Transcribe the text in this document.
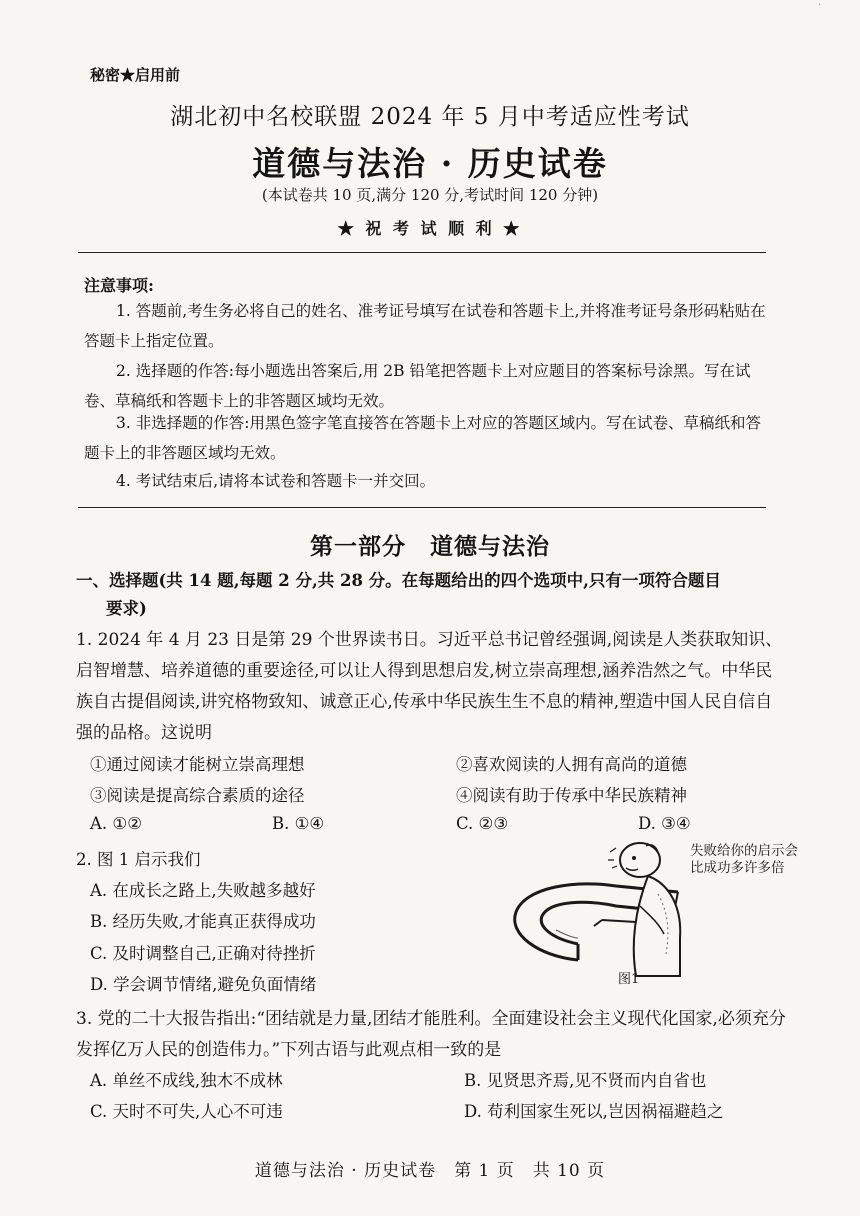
·
秘密★启用前
湖北初中名校联盟 2024 年 5 月中考适应性考试
道德与法治 · 历史试卷
(本试卷共 10 页,满分 120 分,考试时间 120 分钟)
★ 祝 考 试 顺 利 ★
注意事项:
1. 答题前,考生务必将自己的姓名、准考证号填写在试卷和答题卡上,并将准考证号条形码粘贴在答题卡上指定位置。
2. 选择题的作答:每小题选出答案后,用 2B 铅笔把答题卡上对应题目的答案标号涂黑。写在试卷、草稿纸和答题卡上的非答题区域均无效。
3. 非选择题的作答:用黑色签字笔直接答在答题卡上对应的答题区域内。写在试卷、草稿纸和答题卡上的非答题区域均无效。
4. 考试结束后,请将本试卷和答题卡一并交回。
第一部分　道德与法治
一、选择题(共 14 题,每题 2 分,共 28 分。在每题给出的四个选项中,只有一项符合题目
要求)
1. 2024 年 4 月 23 日是第 29 个世界读书日。习近平总书记曾经强调,阅读是人类获取知识、启智增慧、培养道德的重要途径,可以让人得到思想启发,树立崇高理想,涵养浩然之气。中华民族自古提倡阅读,讲究格物致知、诚意正心,传承中华民族生生不息的精神,塑造中国人民自信自强的品格。这说明
①通过阅读才能树立崇高理想	②喜欢阅读的人拥有高尚的道德
③阅读是提高综合素质的途径	④阅读有助于传承中华民族精神
A. ①②	B. ①④	C. ②③	D. ③④
2. 图 1 启示我们
A. 在成长之路上,失败越多越好
B. 经历失败,才能真正获得成功
C. 及时调整自己,正确对待挫折
D. 学会调节情绪,避免负面情绪
失败给你的启示会比成功多许多倍
图1
3. 党的二十大报告指出:“团结就是力量,团结才能胜利。全面建设社会主义现代化国家,必须充分发挥亿万人民的创造伟力。”下列古语与此观点相一致的是
A. 单丝不成线,独木不成林	B. 见贤思齐焉,见不贤而内自省也
C. 天时不可失,人心不可违	D. 苟利国家生死以,岂因祸福避趋之
道德与法治 · 历史试卷　第 1 页　共 10 页
